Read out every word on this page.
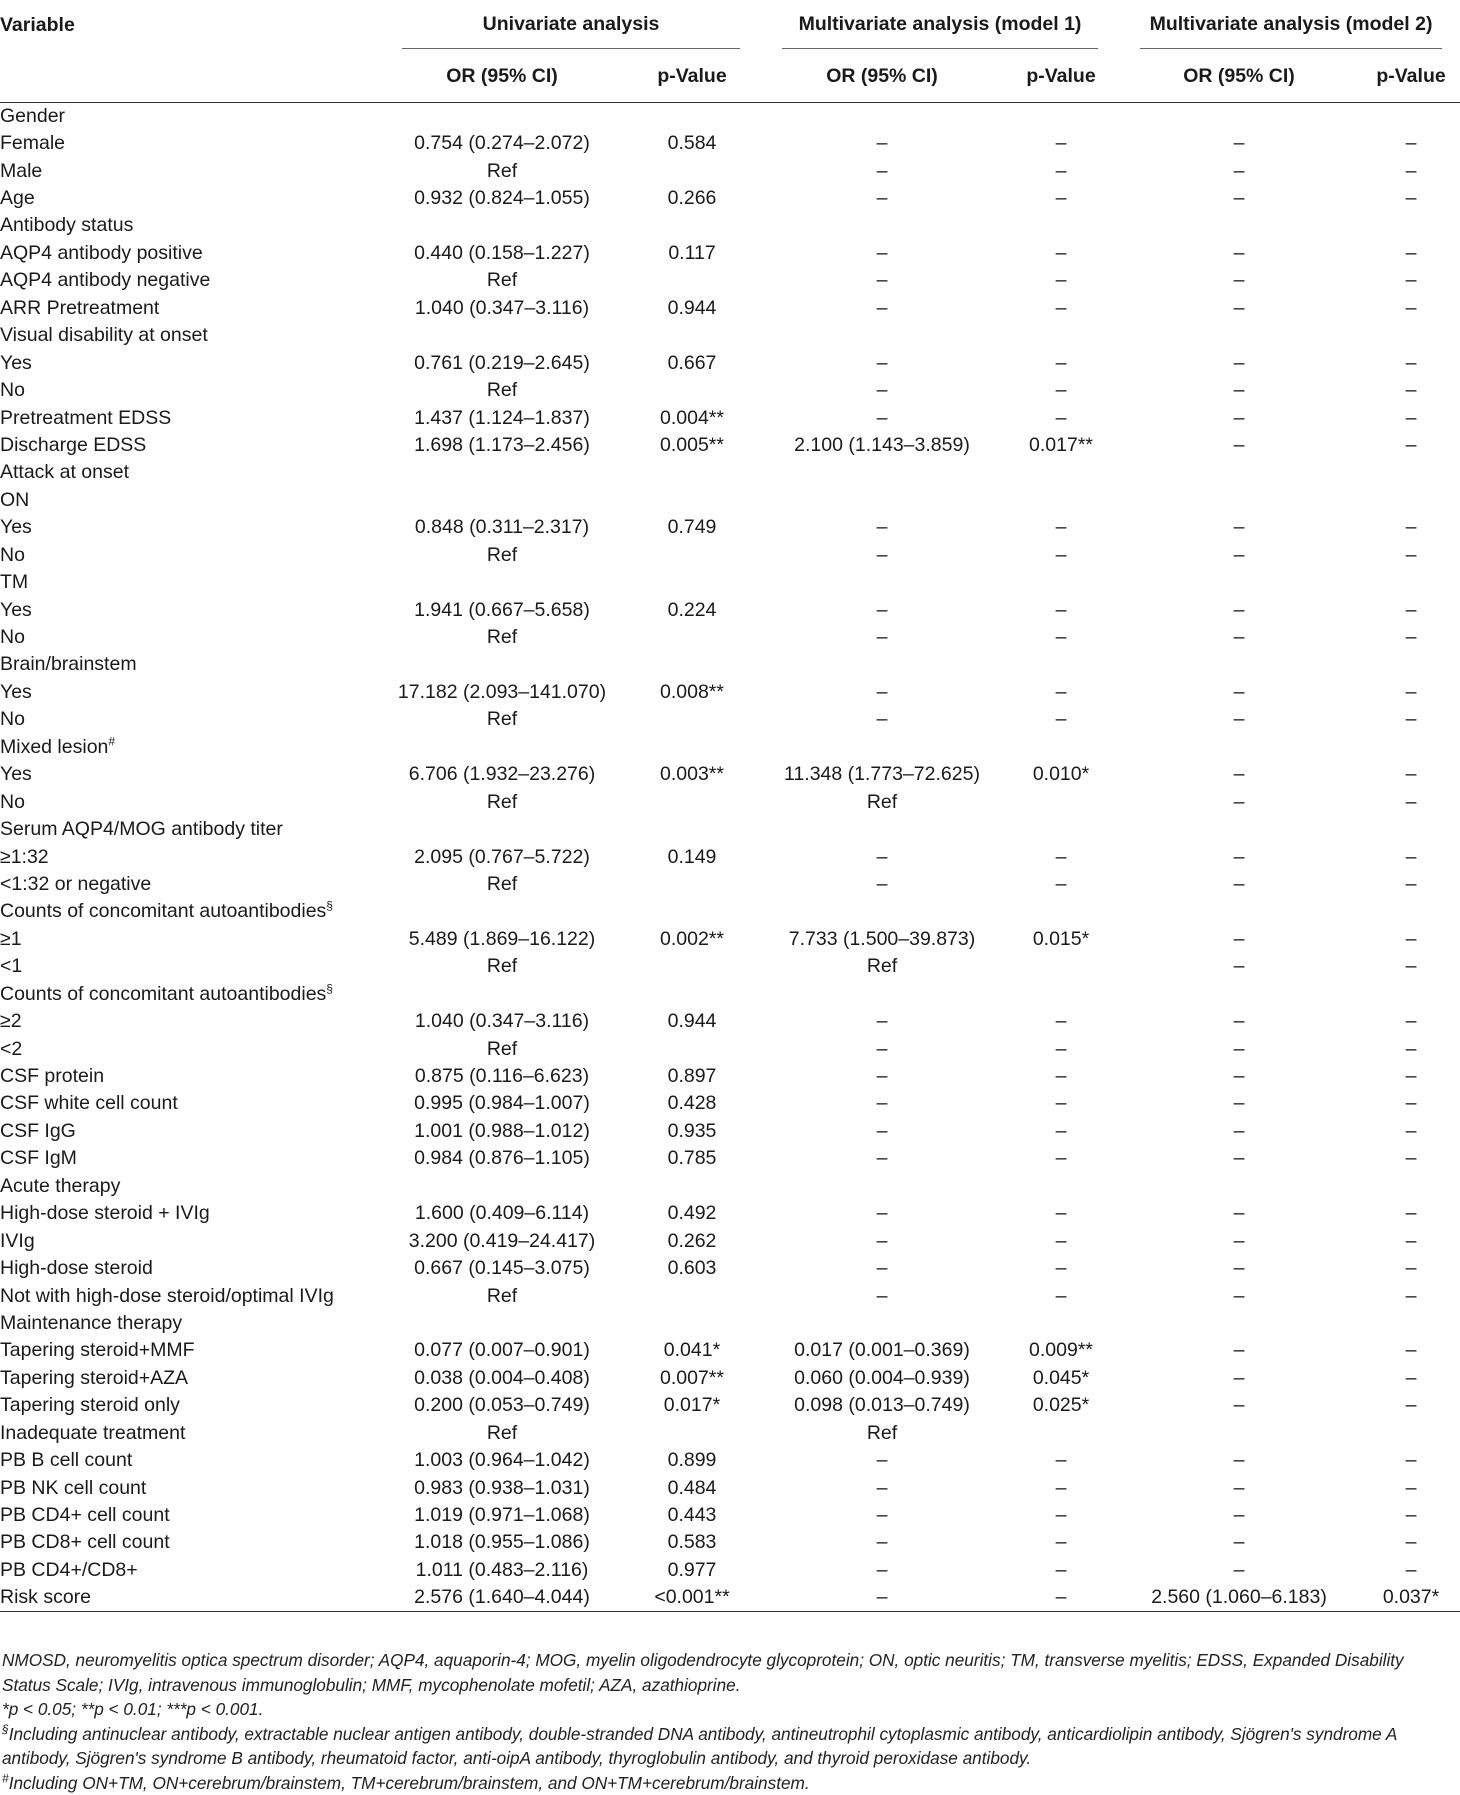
Variable	Univariate analysis		Multivariate analysis (model 1)		Multivariate analysis (model 2)	

	OR (95% CI)	p-Value	OR (95% CI)	p-Value	OR (95% CI)	p-Value
Gender						
Female	0.754 (0.274–2.072)	0.584	–	–	–	–
Male	Ref		–	–	–	–
Age	0.932 (0.824–1.055)	0.266	–	–	–	–
Antibody status						
AQP4 antibody positive	0.440 (0.158–1.227)	0.117	–	–	–	–
AQP4 antibody negative	Ref		–	–	–	–
ARR Pretreatment	1.040 (0.347–3.116)	0.944	–	–	–	–
Visual disability at onset						
Yes	0.761 (0.219–2.645)	0.667	–	–	–	–
No	Ref		–	–	–	–
Pretreatment EDSS	1.437 (1.124–1.837)	0.004**	–	–	–	–
Discharge EDSS	1.698 (1.173–2.456)	0.005**	2.100 (1.143–3.859)	0.017**	–	–
Attack at onset						
ON						
Yes	0.848 (0.311–2.317)	0.749	–	–	–	–
No	Ref		–	–	–	–
TM						
Yes	1.941 (0.667–5.658)	0.224	–	–	–	–
No	Ref		–	–	–	–
Brain/brainstem						
Yes	17.182 (2.093–141.070)	0.008**	–	–	–	–
No	Ref		–	–	–	–
Mixed lesion#						
Yes	6.706 (1.932–23.276)	0.003**	11.348 (1.773–72.625)	0.010*	–	–
No	Ref		Ref		–	–
Serum AQP4/MOG antibody titer						
≥1:32	2.095 (0.767–5.722)	0.149	–	–	–	–
<1:32 or negative	Ref		–	–	–	–
Counts of concomitant autoantibodies§						
≥1	5.489 (1.869–16.122)	0.002**	7.733 (1.500–39.873)	0.015*	–	–
<1	Ref		Ref		–	–
Counts of concomitant autoantibodies§						
≥2	1.040 (0.347–3.116)	0.944	–	–	–	–
<2	Ref		–	–	–	–
CSF protein	0.875 (0.116–6.623)	0.897	–	–	–	–
CSF white cell count	0.995 (0.984–1.007)	0.428	–	–	–	–
CSF IgG	1.001 (0.988–1.012)	0.935	–	–	–	–
CSF IgM	0.984 (0.876–1.105)	0.785	–	–	–	–
Acute therapy						
High-dose steroid + IVIg	1.600 (0.409–6.114)	0.492	–	–	–	–
IVIg	3.200 (0.419–24.417)	0.262	–	–	–	–
High-dose steroid	0.667 (0.145–3.075)	0.603	–	–	–	–
Not with high-dose steroid/optimal IVIg	Ref		–	–	–	–
Maintenance therapy						
Tapering steroid+MMF	0.077 (0.007–0.901)	0.041*	0.017 (0.001–0.369)	0.009**	–	–
Tapering steroid+AZA	0.038 (0.004–0.408)	0.007**	0.060 (0.004–0.939)	0.045*	–	–
Tapering steroid only	0.200 (0.053–0.749)	0.017*	0.098 (0.013–0.749)	0.025*	–	–
Inadequate treatment	Ref		Ref			
PB B cell count	1.003 (0.964–1.042)	0.899	–	–	–	–
PB NK cell count	0.983 (0.938–1.031)	0.484	–	–	–	–
PB CD4+ cell count	1.019 (0.971–1.068)	0.443	–	–	–	–
PB CD8+ cell count	1.018 (0.955–1.086)	0.583	–	–	–	–
PB CD4+/CD8+	1.011 (0.483–2.116)	0.977	–	–	–	–
Risk score	2.576 (1.640–4.044)	<0.001**	–	–	2.560 (1.060–6.183)	0.037*

NMOSD, neuromyelitis optica spectrum disorder; AQP4, aquaporin-4; MOG, myelin oligodendrocyte glycoprotein; ON, optic neuritis; TM, transverse myelitis; EDSS, Expanded Disability Status Scale; IVIg, intravenous immunoglobulin; MMF, mycophenolate mofetil; AZA, azathioprine.

*p < 0.05; **p < 0.01; ***p < 0.001.

§Including antinuclear antibody, extractable nuclear antigen antibody, double-stranded DNA antibody, antineutrophil cytoplasmic antibody, anticardiolipin antibody, Sjögren's syndrome A antibody, Sjögren's syndrome B antibody, rheumatoid factor, anti-oipA antibody, thyroglobulin antibody, and thyroid peroxidase antibody.

#Including ON+TM, ON+cerebrum/brainstem, TM+cerebrum/brainstem, and ON+TM+cerebrum/brainstem.
